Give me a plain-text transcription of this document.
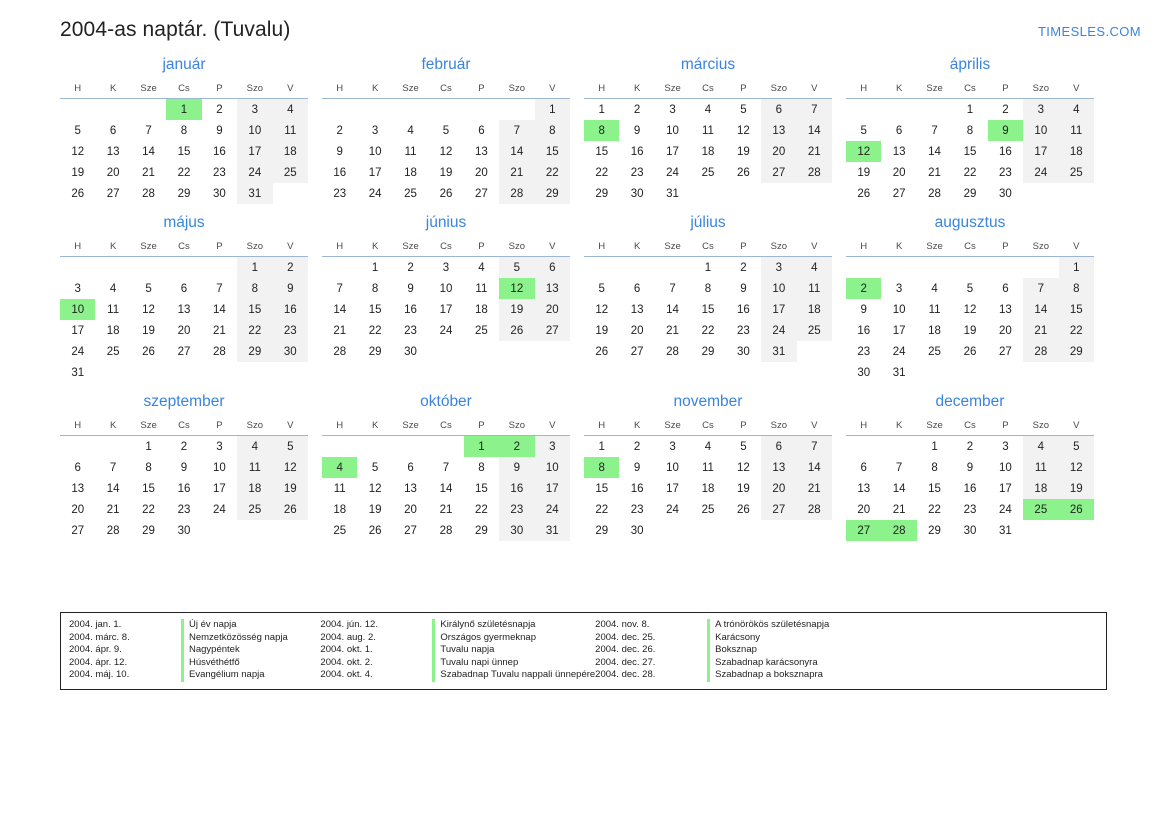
2004-as naptár. (Tuvalu)	TIMESLES.COM
január
H	K	Sze	Cs	P	Szo	V
			1	2	3	4
5	6	7	8	9	10	11
12	13	14	15	16	17	18
19	20	21	22	23	24	25
26	27	28	29	30	31	
február
H	K	Sze	Cs	P	Szo	V
						1
2	3	4	5	6	7	8
9	10	11	12	13	14	15
16	17	18	19	20	21	22
23	24	25	26	27	28	29
március
H	K	Sze	Cs	P	Szo	V
1	2	3	4	5	6	7
8	9	10	11	12	13	14
15	16	17	18	19	20	21
22	23	24	25	26	27	28
29	30	31				
április
H	K	Sze	Cs	P	Szo	V
			1	2	3	4
5	6	7	8	9	10	11
12	13	14	15	16	17	18
19	20	21	22	23	24	25
26	27	28	29	30		
május
H	K	Sze	Cs	P	Szo	V
					1	2
3	4	5	6	7	8	9
10	11	12	13	14	15	16
17	18	19	20	21	22	23
24	25	26	27	28	29	30
31						
június
H	K	Sze	Cs	P	Szo	V
	1	2	3	4	5	6
7	8	9	10	11	12	13
14	15	16	17	18	19	20
21	22	23	24	25	26	27
28	29	30				
július
H	K	Sze	Cs	P	Szo	V
			1	2	3	4
5	6	7	8	9	10	11
12	13	14	15	16	17	18
19	20	21	22	23	24	25
26	27	28	29	30	31	
augusztus
H	K	Sze	Cs	P	Szo	V
						1
2	3	4	5	6	7	8
9	10	11	12	13	14	15
16	17	18	19	20	21	22
23	24	25	26	27	28	29
30	31					
szeptember
H	K	Sze	Cs	P	Szo	V
		1	2	3	4	5
6	7	8	9	10	11	12
13	14	15	16	17	18	19
20	21	22	23	24	25	26
27	28	29	30			
október
H	K	Sze	Cs	P	Szo	V
				1	2	3
4	5	6	7	8	9	10
11	12	13	14	15	16	17
18	19	20	21	22	23	24
25	26	27	28	29	30	31
november
H	K	Sze	Cs	P	Szo	V
1	2	3	4	5	6	7
8	9	10	11	12	13	14
15	16	17	18	19	20	21
22	23	24	25	26	27	28
29	30					
december
H	K	Sze	Cs	P	Szo	V
		1	2	3	4	5
6	7	8	9	10	11	12
13	14	15	16	17	18	19
20	21	22	23	24	25	26
27	28	29	30	31		
2004. jan. 1.	Új év napja
2004. márc. 8.	Nemzetközösség napja
2004. ápr. 9.	Nagypéntek
2004. ápr. 12.	Húsvéthétfő
2004. máj. 10.	Evangélium napja
2004. jún. 12.	Királynő születésnapja
2004. aug. 2.	Országos gyermeknap
2004. okt. 1.	Tuvalu napja
2004. okt. 2.	Tuvalu napi ünnep
2004. okt. 4.	Szabadnap Tuvalu nappali ünnepére
2004. nov. 8.	A trónörökös születésnapja
2004. dec. 25.	Karácsony
2004. dec. 26.	Boksznap
2004. dec. 27.	Szabadnap karácsonyra
2004. dec. 28.	Szabadnap a boksznapra
